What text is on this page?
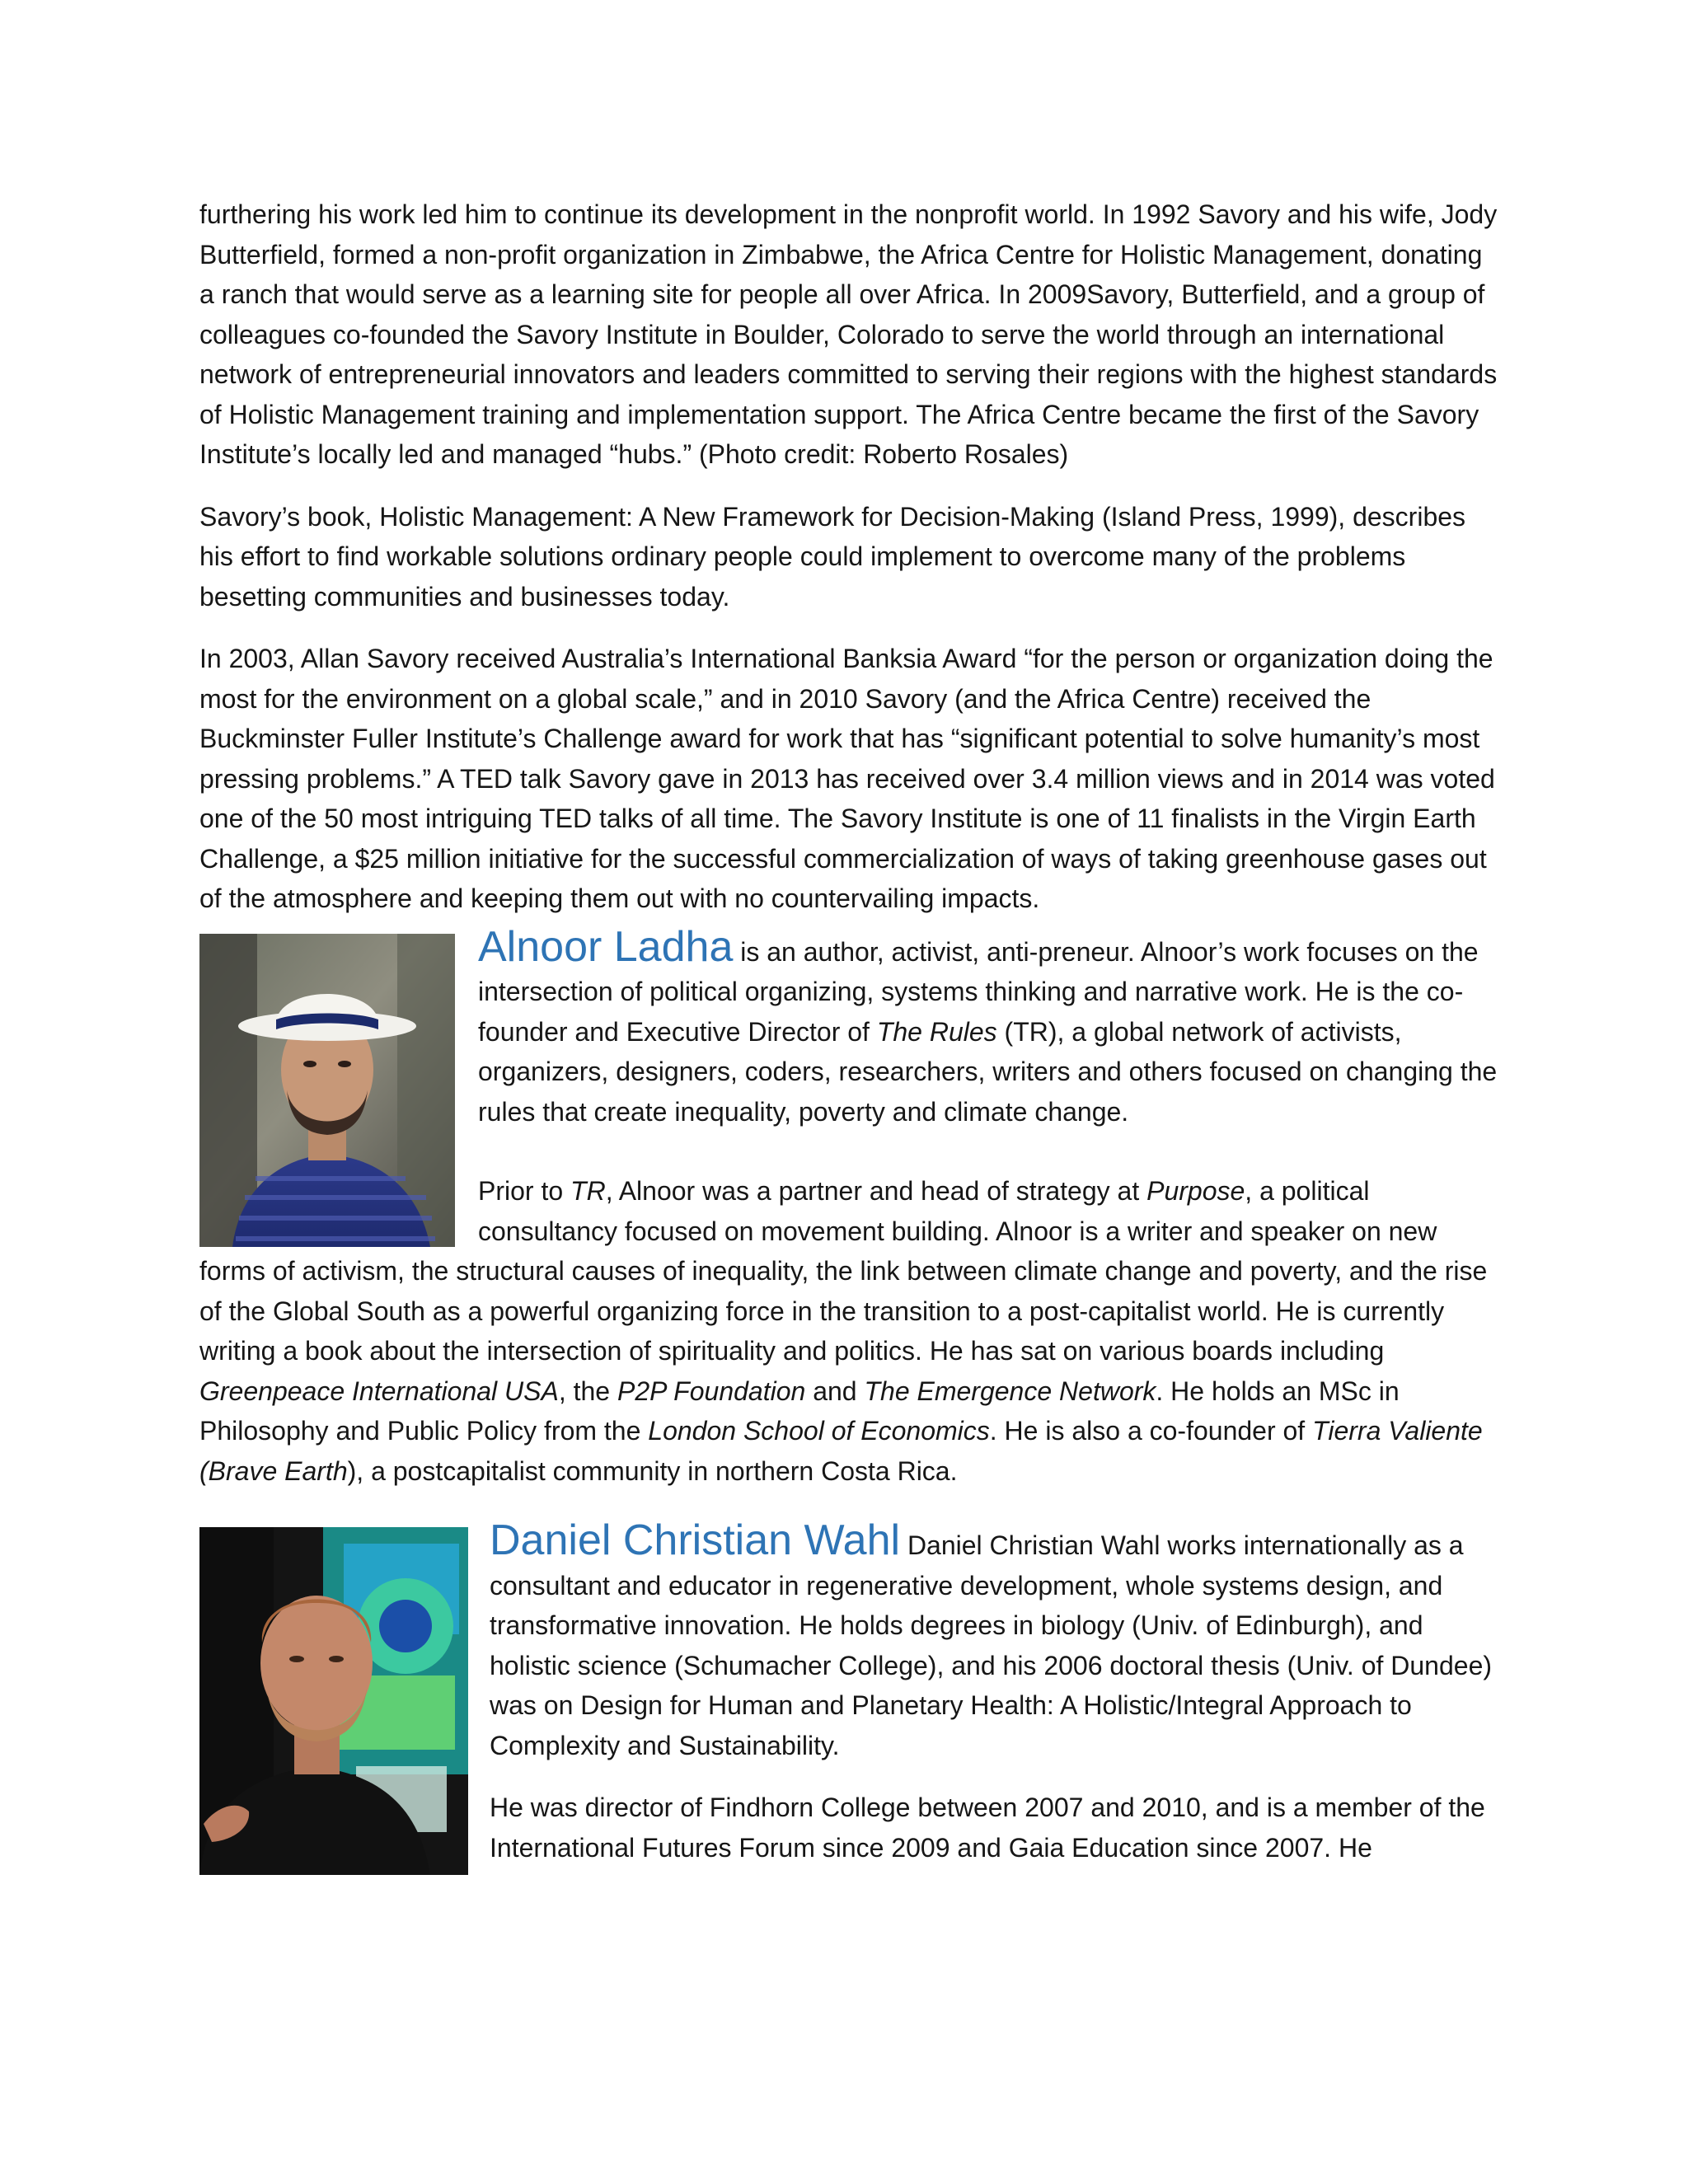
furthering his work led him to continue its development in the nonprofit world. In 1992 Savory and his wife, Jody Butterfield, formed a non-profit organization in Zimbabwe, the Africa Centre for Holistic Management, donating a ranch that would serve as a learning site for people all over Africa. In 2009Savory, Butterfield, and a group of colleagues co-founded the Savory Institute in Boulder, Colorado to serve the world through an international network of entrepreneurial innovators and leaders committed to serving their regions with the highest standards of Holistic Management training and implementation support. The Africa Centre became the first of the Savory Institute’s locally led and managed “hubs.” (Photo credit: Roberto Rosales)

Savory’s book, Holistic Management: A New Framework for Decision-Making (Island Press, 1999), describes his effort to find workable solutions ordinary people could implement to overcome many of the problems besetting communities and businesses today.

In 2003, Allan Savory received Australia’s International Banksia Award “for the person or organization doing the most for the environment on a global scale,” and in 2010 Savory (and the Africa Centre) received the Buckminster Fuller Institute’s Challenge award for work that has “significant potential to solve humanity’s most pressing problems.” A TED talk Savory gave in 2013 has received over 3.4 million views and in 2014 was voted one of the 50 most intriguing TED talks of all time. The Savory Institute is one of 11 finalists in the Virgin Earth Challenge, a $25 million initiative for the successful commercialization of ways of taking greenhouse gases out of the atmosphere and keeping them out with no countervailing impacts.

Alnoor Ladha is an author, activist, anti-preneur. Alnoor’s work focuses on the intersection of political organizing, systems thinking and narrative work. He is the co-founder and Executive Director of The Rules (TR), a global network of activists, organizers, designers, coders, researchers, writers and others focused on changing the rules that create inequality, poverty and climate change.
Prior to TR, Alnoor was a partner and head of strategy at Purpose, a political consultancy focused on movement building. Alnoor is a writer and speaker on new forms of activism, the structural causes of inequality, the link between climate change and poverty, and the rise of the Global South as a powerful organizing force in the transition to a post-capitalist world. He is currently writing a book about the intersection of spirituality and politics. He has sat on various boards including Greenpeace International USA, the P2P Foundation and The Emergence Network. He holds an MSc in Philosophy and Public Policy from the London School of Economics. He is also a co-founder of Tierra Valiente (Brave Earth), a postcapitalist community in northern Costa Rica.
Daniel Christian Wahl Daniel Christian Wahl works internationally as a consultant and educator in regenerative development, whole systems design, and transformative innovation. He holds degrees in biology (Univ. of Edinburgh), and holistic science (Schumacher College), and his 2006 doctoral thesis (Univ. of Dundee) was on Design for Human and Planetary Health: A Holistic/Integral Approach to Complexity and Sustainability.
He was director of Findhorn College between 2007 and 2010, and is a member of the International Futures Forum since 2009 and Gaia Education since 2007. He
